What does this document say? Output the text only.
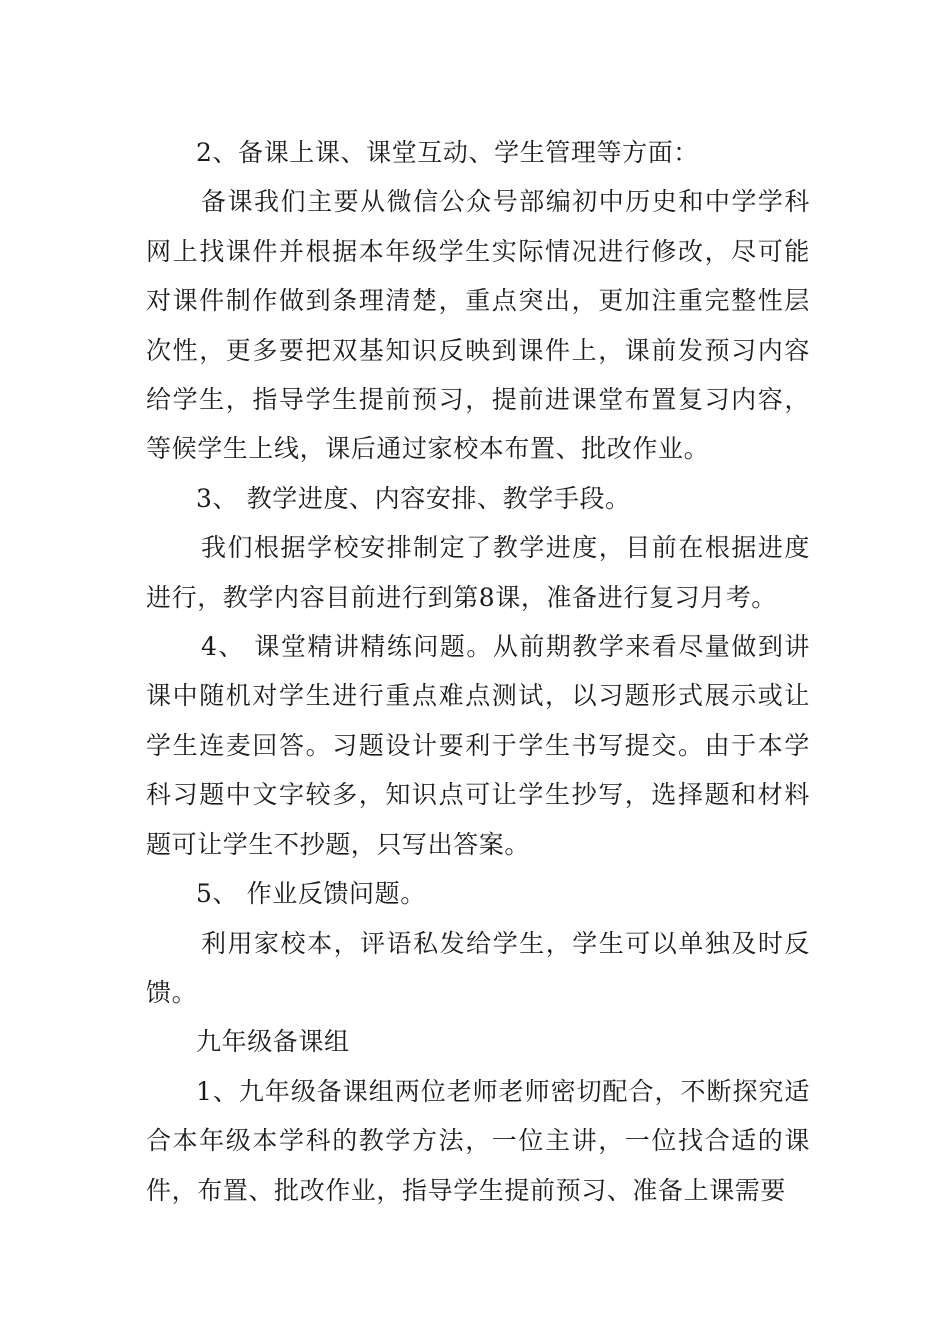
2、备课上课、课堂互动、学生管理等方面：

备课我们主要从微信公众号部编初中历史和中学学科网上找课件并根据本年级学生实际情况进行修改，尽可能对课件制作做到条理清楚，重点突出，更加注重完整性层次性，更多要把双基知识反映到课件上，课前发预习内容给学生，指导学生提前预习，提前进课堂布置复习内容，等候学生上线，课后通过家校本布置、批改作业。

3、 教学进度、内容安排、教学手段。

我们根据学校安排制定了教学进度，目前在根据进度进行，教学内容目前进行到第8课，准备进行复习月考。

4、 课堂精讲精练问题。从前期教学来看尽量做到讲课中随机对学生进行重点难点测试，以习题形式展示或让学生连麦回答。习题设计要利于学生书写提交。由于本学科习题中文字较多，知识点可让学生抄写，选择题和材料题可让学生不抄题，只写出答案。

5、 作业反馈问题。

利用家校本，评语私发给学生，学生可以单独及时反馈。

九年级备课组

1、九年级备课组两位老师老师密切配合，不断探究适合本年级本学科的教学方法，一位主讲，一位找合适的课件，布置、批改作业，指导学生提前预习、准备上课需要
